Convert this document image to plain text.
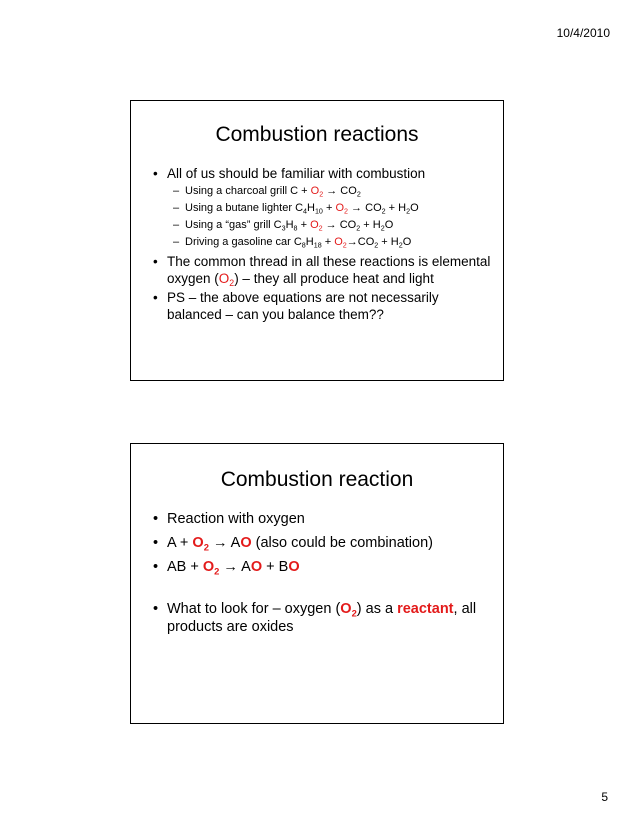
10/4/2010
Combustion reactions
• All of us should be familiar with combustion
– Using a charcoal grill $C + O_2 \to CO_2$
– Using a butane lighter $C_4H_{10} + O_2 \to CO_2 + H_2O$
– Using a “gas” grill $C_3H_8 + O_2 \to CO_2 + H_2O$
– Driving a gasoline car $C_8H_{18} + O_2\to CO_2 + H_2O$
• The common thread in all these reactions is elemental oxygen $(O_2)$ – they all produce heat and light
• PS – the above equations are not necessarily balanced – can you balance them??
Combustion reaction
• Reaction with oxygen
• $A + O_2$ → AO (also could be combination)
• AB + $O_2$ → AO + BO
• What to look for – oxygen $(O_2)$ as a reactant, all products are oxides
5
